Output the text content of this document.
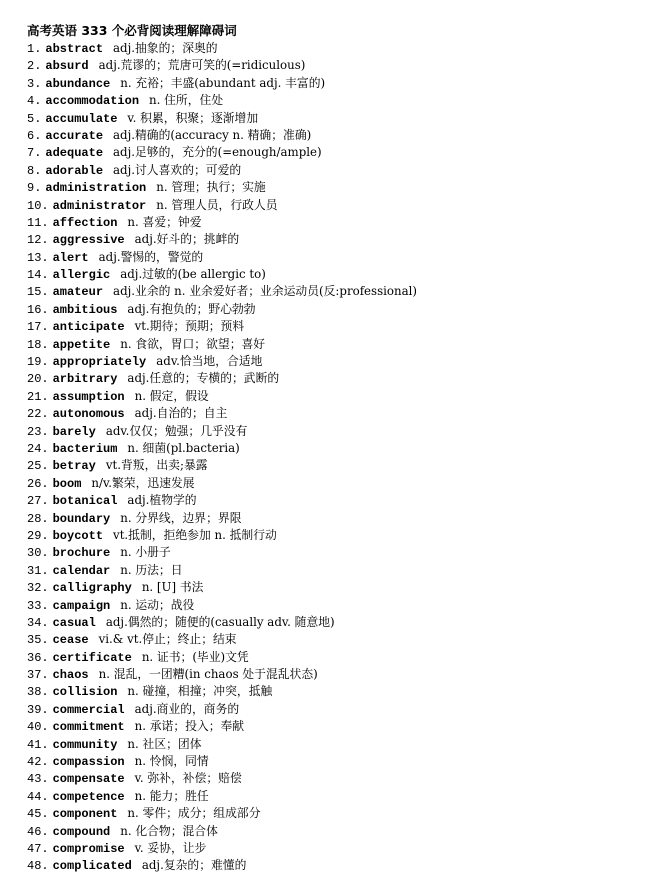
高考英语 333 个必背阅读理解障碍词
1. abstract adj.抽象的；深奥的
2. absurd adj.荒谬的；荒唐可笑的(=ridiculous)
3. abundance n. 充裕；丰盛(abundant adj. 丰富的)
4. accommodation n. 住所，住处
5. accumulate v. 积累，积聚；逐渐增加
6. accurate adj.精确的(accuracy n. 精确；准确)
7. adequate adj.足够的，充分的(=enough/ample)
8. adorable adj.讨人喜欢的；可爱的
9. administration n. 管理；执行；实施
10. administrator n. 管理人员，行政人员
11. affection n. 喜爱；钟爱
12. aggressive adj.好斗的；挑衅的
13. alert adj.警惕的，警觉的
14. allergic adj.过敏的(be allergic to)
15. amateur adj.业余的 n. 业余爱好者；业余运动员(反:professional)
16. ambitious adj.有抱负的；野心勃勃
17. anticipate vt.期待；预期；预料
18. appetite n. 食欲，胃口；欲望；喜好
19. appropriately adv.恰当地，合适地
20. arbitrary adj.任意的；专横的；武断的
21. assumption n. 假定，假设
22. autonomous adj.自治的；自主
23. barely adv.仅仅；勉强；几乎没有
24. bacterium n. 细菌(pl.bacteria)
25. betray vt.背叛，出卖;暴露
26. boom n/v.繁荣，迅速发展
27. botanical adj.植物学的
28. boundary n. 分界线，边界；界限
29. boycott vt.抵制，拒绝参加 n. 抵制行动
30. brochure n. 小册子
31. calendar n. 历法；日
32. calligraphy n. [U] 书法
33. campaign n. 运动；战役
34. casual adj.偶然的；随便的(casually adv. 随意地)
35. cease vi.& vt.停止；终止；结束
36. certificate n. 证书；(毕业)文凭
37. chaos n. 混乱，一团糟(in chaos 处于混乱状态)
38. collision n. 碰撞，相撞；冲突，抵触
39. commercial adj.商业的，商务的
40. commitment n. 承诺；投入；奉献
41. community n. 社区；团体
42. compassion n. 怜悯，同情
43. compensate v. 弥补，补偿；赔偿
44. competence n. 能力；胜任
45. component n. 零件；成分；组成部分
46. compound n. 化合物；混合体
47. compromise v. 妥协，让步
48. complicated adj.复杂的；难懂的
